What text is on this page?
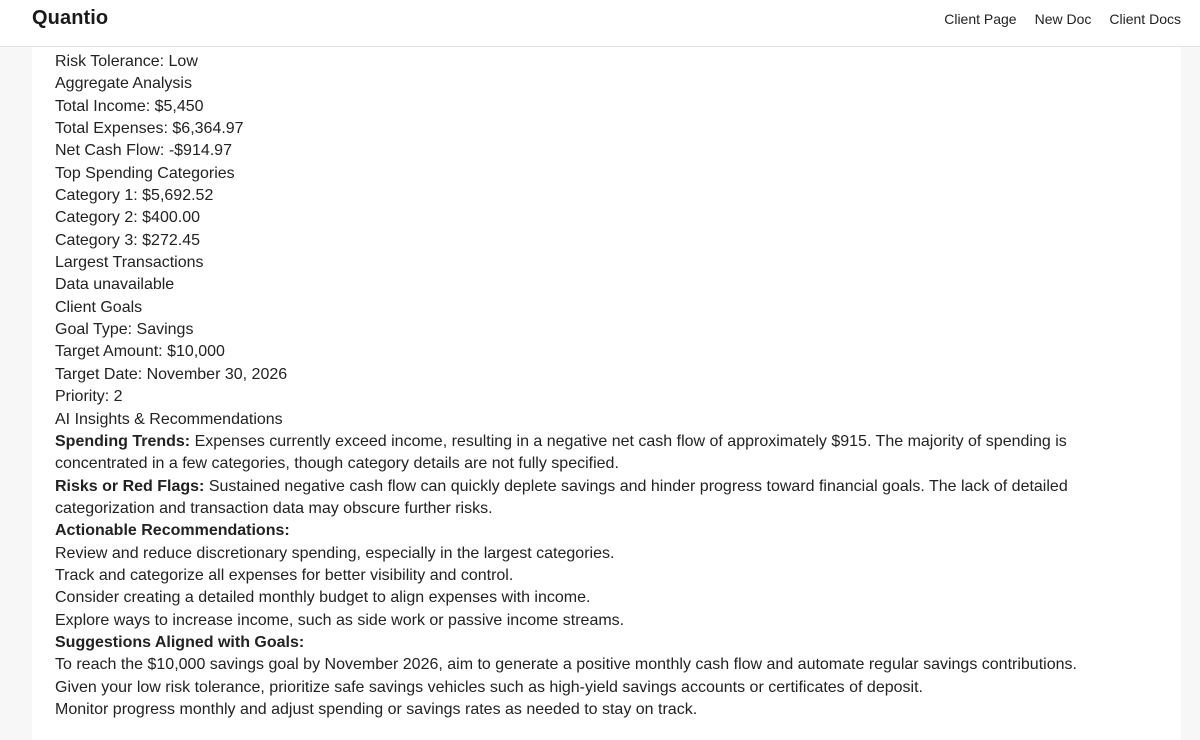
Risk Tolerance: Low
Aggregate Analysis
Total Income: $5,450
Total Expenses: $6,364.97
Net Cash Flow: -$914.97
Top Spending Categories
Category 1: $5,692.52
Category 2: $400.00
Category 3: $272.45
Largest Transactions
Data unavailable
Client Goals
Goal Type: Savings
Target Amount: $10,000
Target Date: November 30, 2026
Priority: 2
AI Insights & Recommendations
Spending Trends: Expenses currently exceed income, resulting in a negative net cash flow of approximately $915. The majority of spending is concentrated in a few categories, though category details are not fully specified.
Risks or Red Flags: Sustained negative cash flow can quickly deplete savings and hinder progress toward financial goals. The lack of detailed categorization and transaction data may obscure further risks.
Actionable Recommendations:
Review and reduce discretionary spending, especially in the largest categories.
Track and categorize all expenses for better visibility and control.
Consider creating a detailed monthly budget to align expenses with income.
Explore ways to increase income, such as side work or passive income streams.
Suggestions Aligned with Goals:
To reach the $10,000 savings goal by November 2026, aim to generate a positive monthly cash flow and automate regular savings contributions.
Given your low risk tolerance, prioritize safe savings vehicles such as high-yield savings accounts or certificates of deposit.
Monitor progress monthly and adjust spending or savings rates as needed to stay on track.
Quantio	Client Page New Doc Client Docs
